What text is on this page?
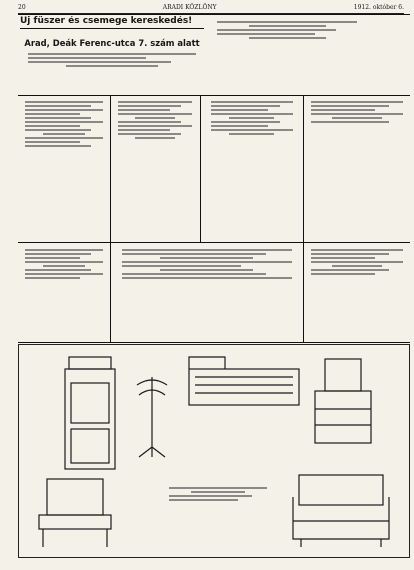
20	ARADI KÖZLÖNY	1912. október 6.
Uj füszer és csemege kereskedés!
Arad, Deák Ferenc-utca 7. szám alatt
